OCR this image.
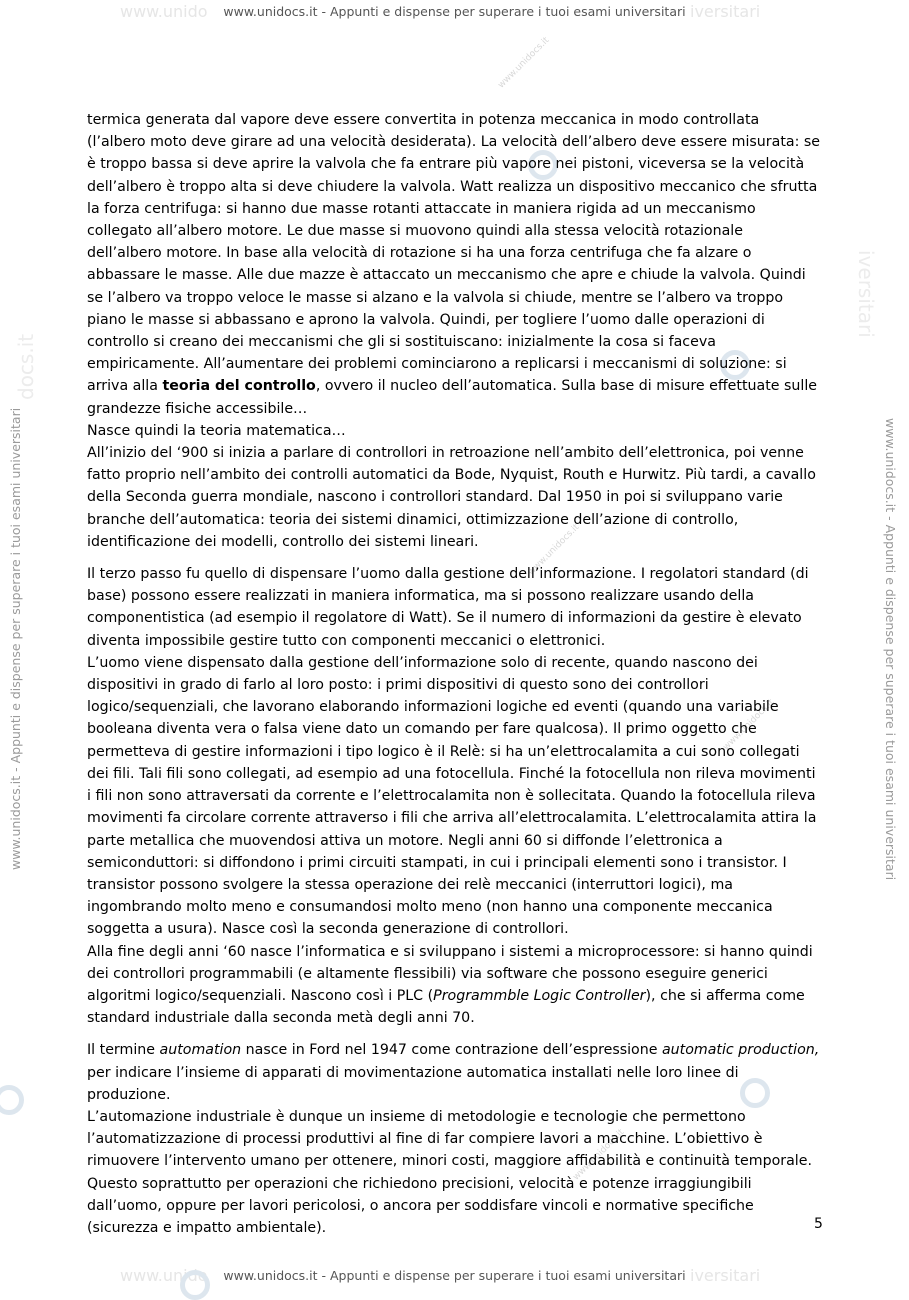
www.unido	iversitari
www.unidocs.it - Appunti e dispense per superare i tuoi esami universitari
www.unido	iversitari
www.unidocs.it - Appunti e dispense per superare i tuoi esami universitari
docs.it
iversitari
www.unidocs.it - Appunti e dispense per superare i tuoi esami universitari	www.unidocs.it - Appunti e dispense per superare i tuoi esami universitari
www.unidocs.it
www.unidocs.it
www.unidocs.it
www.unidocs.it

termica generata dal vapore deve essere convertita in potenza meccanica in modo controllata (l’albero moto deve girare ad una velocità desiderata). La velocità dell’albero deve essere misurata: se è troppo bassa si deve aprire la valvola che fa entrare più vapore nei pistoni, viceversa se la velocità dell’albero è troppo alta si deve chiudere la valvola. Watt realizza un dispositivo meccanico che sfrutta la forza centrifuga: si hanno due masse rotanti attaccate in maniera rigida ad un meccanismo collegato all’albero motore. Le due masse si muovono quindi alla stessa velocità rotazionale dell’albero motore. In base alla velocità di rotazione si ha una forza centrifuga che fa alzare o abbassare le masse. Alle due mazze è attaccato un meccanismo che apre e chiude la valvola. Quindi se l’albero va troppo veloce le masse si alzano e la valvola si chiude, mentre se l’albero va troppo piano le masse si abbassano e aprono la valvola. Quindi, per togliere l’uomo dalle operazioni di controllo si creano dei meccanismi che gli si sostituiscano: inizialmente la cosa si faceva empiricamente. All’aumentare dei problemi cominciarono a replicarsi i meccanismi di soluzione: si arriva alla teoria del controllo, ovvero il nucleo dell’automatica. Sulla base di misure effettuate sulle grandezze fisiche accessibile…

Nasce quindi la teoria matematica…

All’inizio del ‘900 si inizia a parlare di controllori in retroazione nell’ambito dell’elettronica, poi venne fatto proprio nell’ambito dei controlli automatici da Bode, Nyquist, Routh e Hurwitz. Più tardi, a cavallo della Seconda guerra mondiale, nascono i controllori standard. Dal 1950 in poi si sviluppano varie branche dell’automatica: teoria dei sistemi dinamici, ottimizzazione dell’azione di controllo, identificazione dei modelli, controllo dei sistemi lineari.

Il terzo passo fu quello di dispensare l’uomo dalla gestione dell’informazione. I regolatori standard (di base) possono essere realizzati in maniera informatica, ma si possono realizzare usando della componentistica (ad esempio il regolatore di Watt). Se il numero di informazioni da gestire è elevato diventa impossibile gestire tutto con componenti meccanici o elettronici.

L’uomo viene dispensato dalla gestione dell’informazione solo di recente, quando nascono dei dispositivi in grado di farlo al loro posto: i primi dispositivi di questo sono dei controllori logico/sequenziali, che lavorano elaborando informazioni logiche ed eventi (quando una variabile booleana diventa vera o falsa viene dato un comando per fare qualcosa). Il primo oggetto che permetteva di gestire informazioni i tipo logico è il Relè: si ha un’elettrocalamita a cui sono collegati dei fili. Tali fili sono collegati, ad esempio ad una fotocellula. Finché la fotocellula non rileva movimenti i fili non sono attraversati da corrente e l’elettrocalamita non è sollecitata. Quando la fotocellula rileva movimenti fa circolare corrente attraverso i fili che arriva all’elettrocalamita. L’elettrocalamita attira la parte metallica che muovendosi attiva un motore. Negli anni 60 si diffonde l’elettronica a semiconduttori: si diffondono i primi circuiti stampati, in cui i principali elementi sono i transistor. I transistor possono svolgere la stessa operazione dei relè meccanici (interruttori logici), ma ingombrando molto meno e consumandosi molto meno (non hanno una componente meccanica soggetta a usura). Nasce così la seconda generazione di controllori.

Alla fine degli anni ‘60 nasce l’informatica e si sviluppano i sistemi a microprocessore: si hanno quindi dei controllori programmabili (e altamente flessibili) via software che possono eseguire generici algoritmi logico/sequenziali. Nascono così i PLC (Programmble Logic Controller), che si afferma come standard industriale dalla seconda metà degli anni 70.

Il termine automation nasce in Ford nel 1947 come contrazione dell’espressione automatic production, per indicare l’insieme di apparati di movimentazione automatica installati nelle loro linee di produzione.

L’automazione industriale è dunque un insieme di metodologie e tecnologie che permettono l’automatizzazione di processi produttivi al fine di far compiere lavori a macchine. L’obiettivo è rimuovere l’intervento umano per ottenere, minori costi, maggiore affidabilità e continuità temporale. Questo soprattutto per operazioni che richiedono precisioni, velocità e potenze irraggiungibili dall’uomo, oppure per lavori pericolosi, o ancora per soddisfare vincoli e normative specifiche (sicurezza e impatto ambientale).	5
